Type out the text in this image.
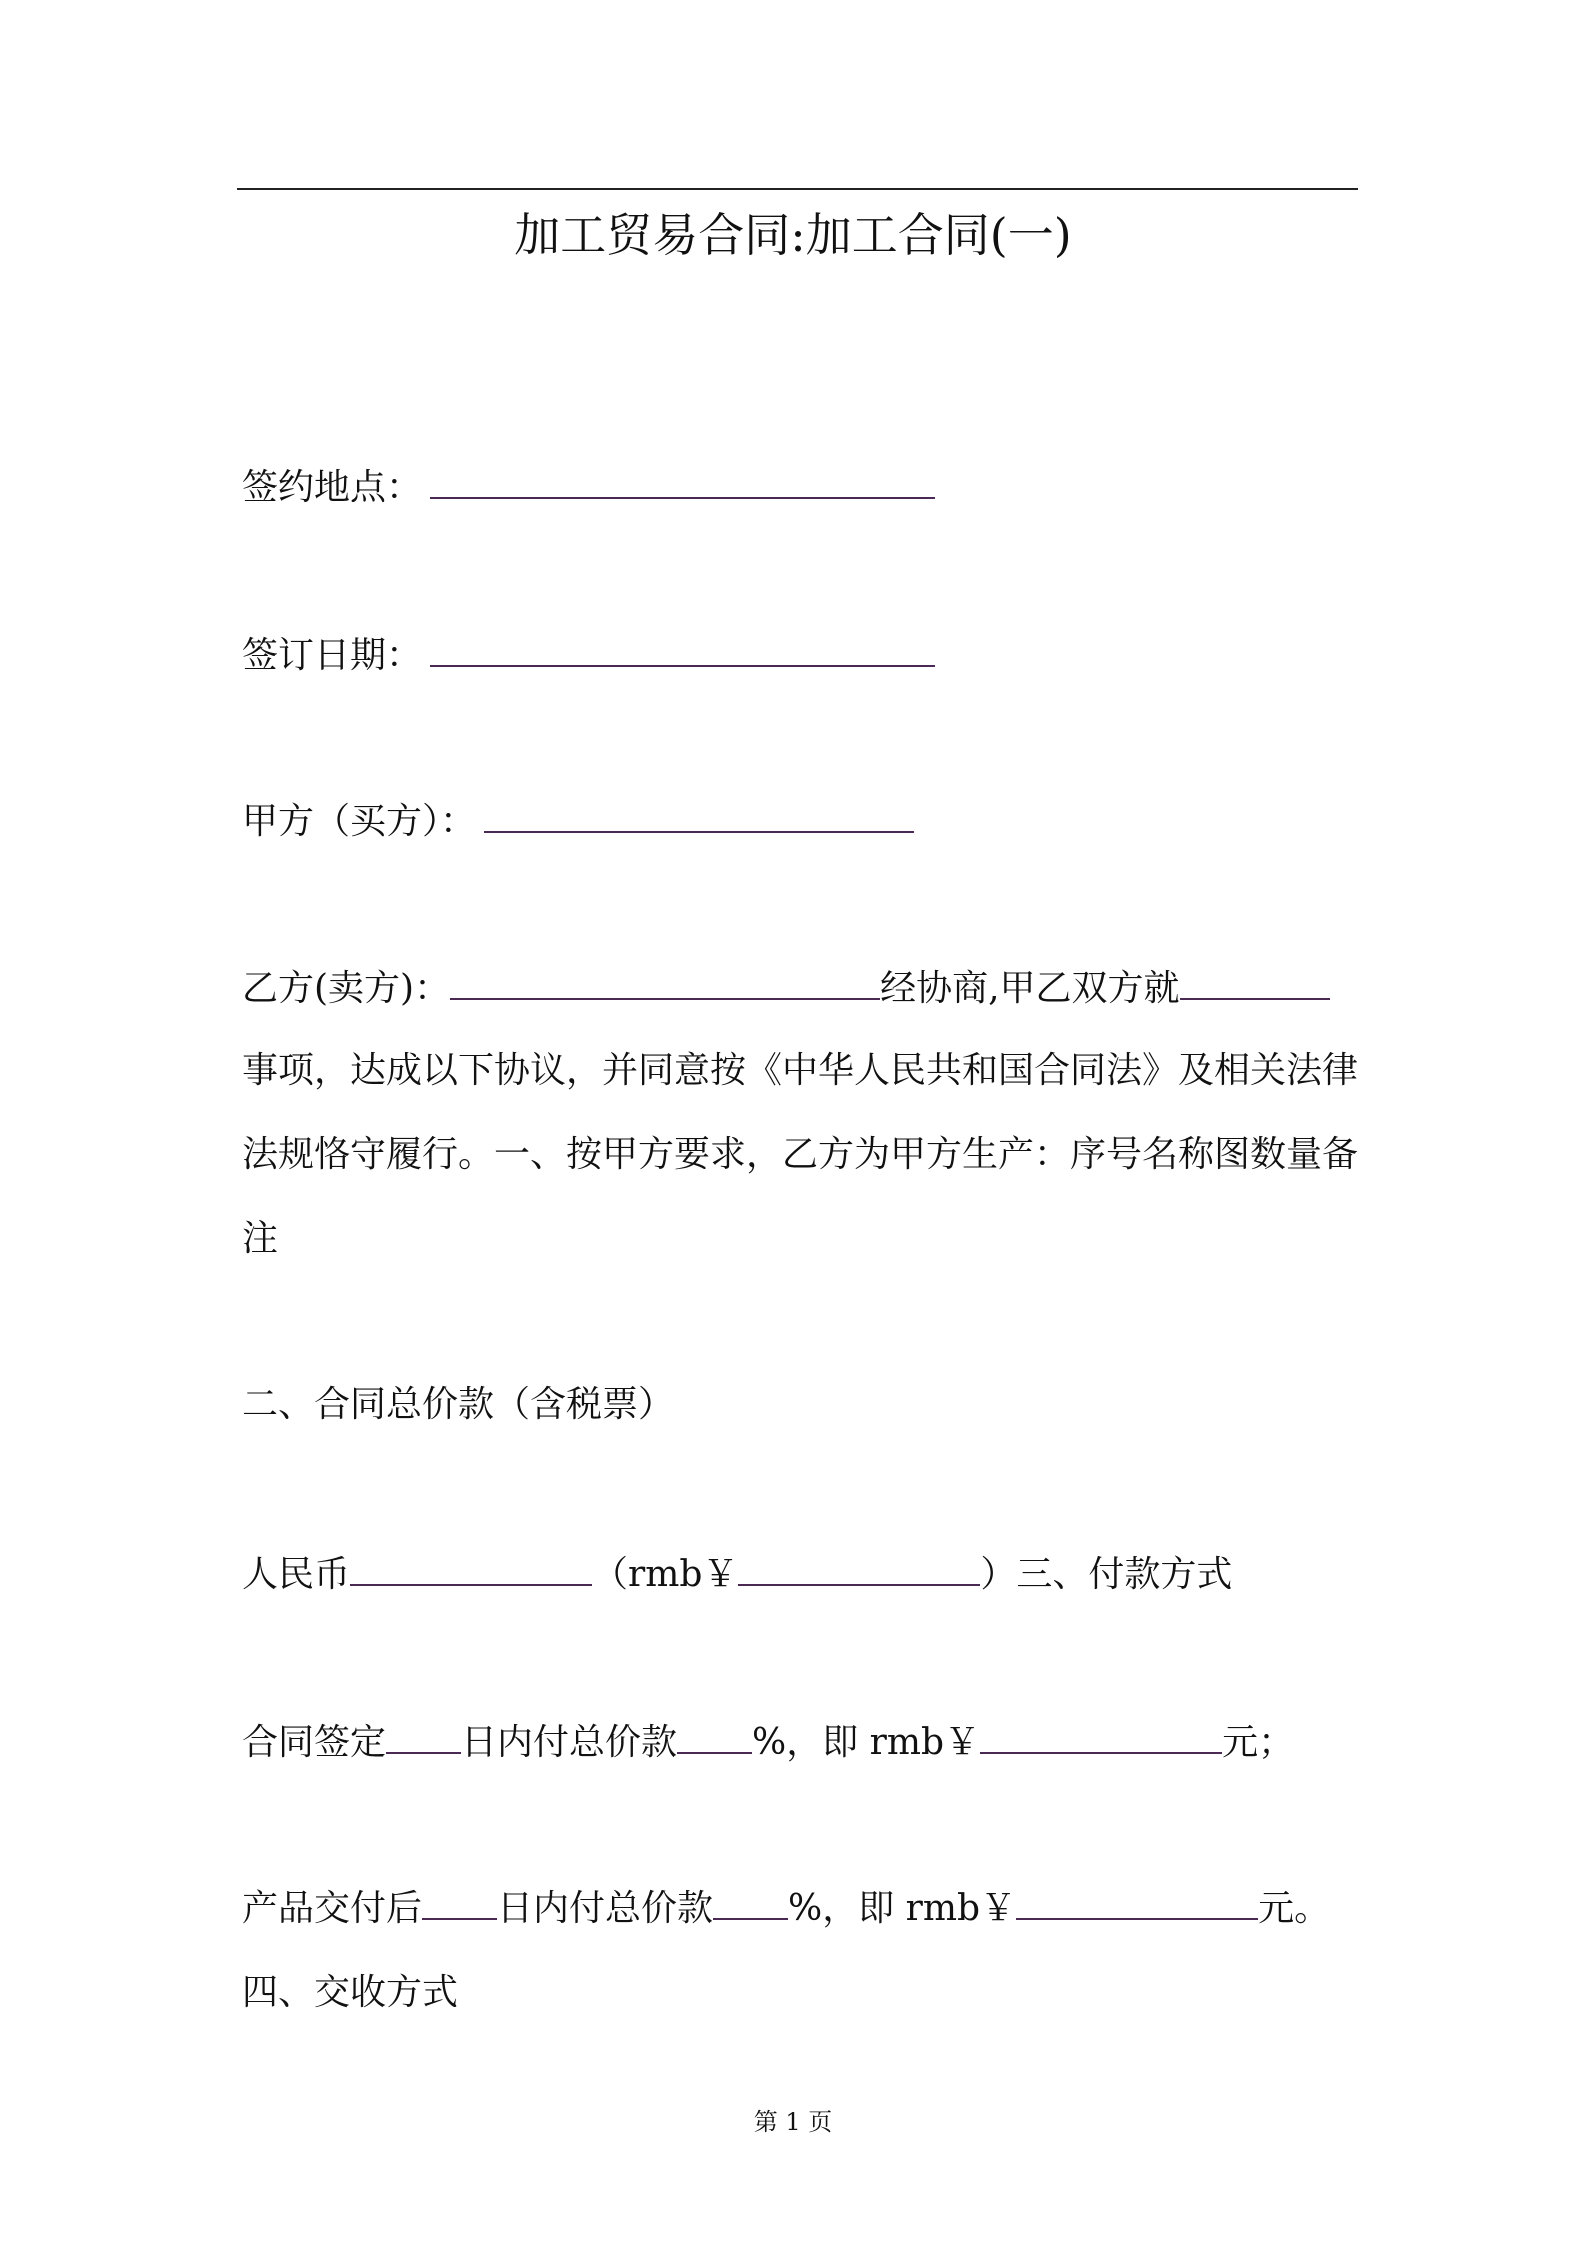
加工贸易合同:加工合同(一)
签约地点：
签订日期：
甲方（买方）：
乙方(卖方)：	经协商,甲乙双方就
事项，达成以下协议，并同意按《中华人民共和国合同法》及相关法律法规恪守履行。一、按甲方要求，乙方为甲方生产：序号名称图数量备注
二、合同总价款（含税票）
人民币	（rmb￥	）三、付款方式
合同签定 日内付总价款 %，即 rmb￥	元；
产品交付后 日内付总价款 %，即 rmb￥	元。四、交收方式
第 1 页
